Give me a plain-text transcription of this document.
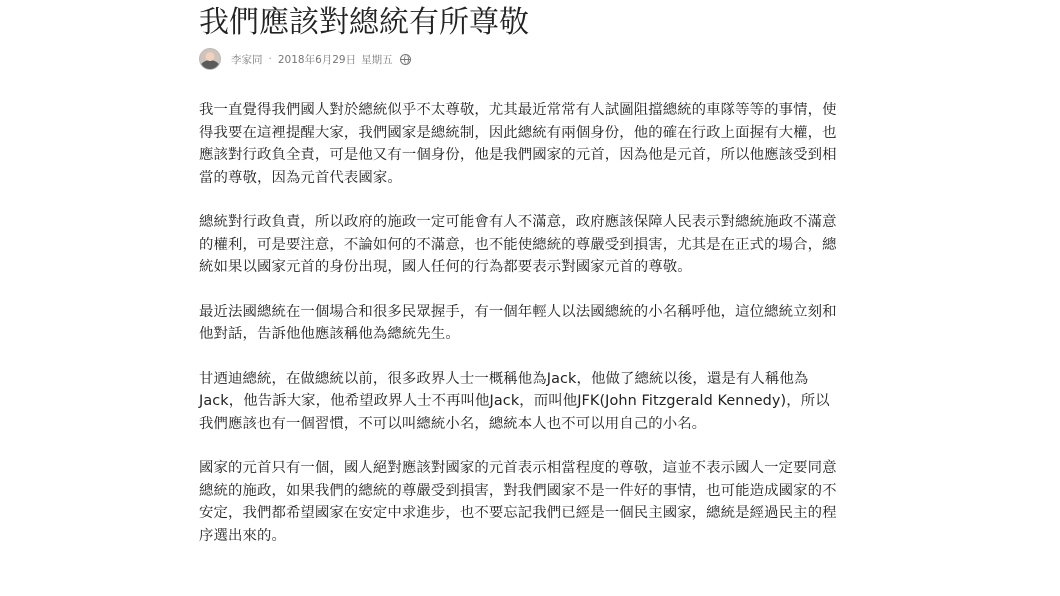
我們應該對總統有所尊敬
李家同 · 2018年6月29日 星期五

我一直覺得我們國人對於總統似乎不太尊敬，尤其最近常常有人試圖阻擋總統的車隊等等的事情，使得我要在這裡提醒大家，我們國家是總統制，因此總統有兩個身份，他的確在行政上面握有大權，也應該對行政負全責，可是他又有一個身份，他是我們國家的元首，因為他是元首，所以他應該受到相當的尊敬，因為元首代表國家。

總統對行政負責，所以政府的施政一定可能會有人不滿意，政府應該保障人民表示對總統施政不滿意的權利，可是要注意，不論如何的不滿意，也不能使總統的尊嚴受到損害，尤其是在正式的場合，總統如果以國家元首的身份出現，國人任何的行為都要表示對國家元首的尊敬。

最近法國總統在一個場合和很多民眾握手，有一個年輕人以法國總統的小名稱呼他，這位總統立刻和他對話，告訴他他應該稱他為總統先生。

甘迺迪總統，在做總統以前，很多政界人士一概稱他為Jack，他做了總統以後，還是有人稱他為Jack，他告訴大家，他希望政界人士不再叫他Jack，而叫他JFK(John Fitzgerald Kennedy)，所以我們應該也有一個習慣，不可以叫總統小名，總統本人也不可以用自己的小名。

國家的元首只有一個，國人絕對應該對國家的元首表示相當程度的尊敬，這並不表示國人一定要同意總統的施政，如果我們的總統的尊嚴受到損害，對我們國家不是一件好的事情，也可能造成國家的不安定，我們都希望國家在安定中求進步，也不要忘記我們已經是一個民主國家，總統是經過民主的程序選出來的。
